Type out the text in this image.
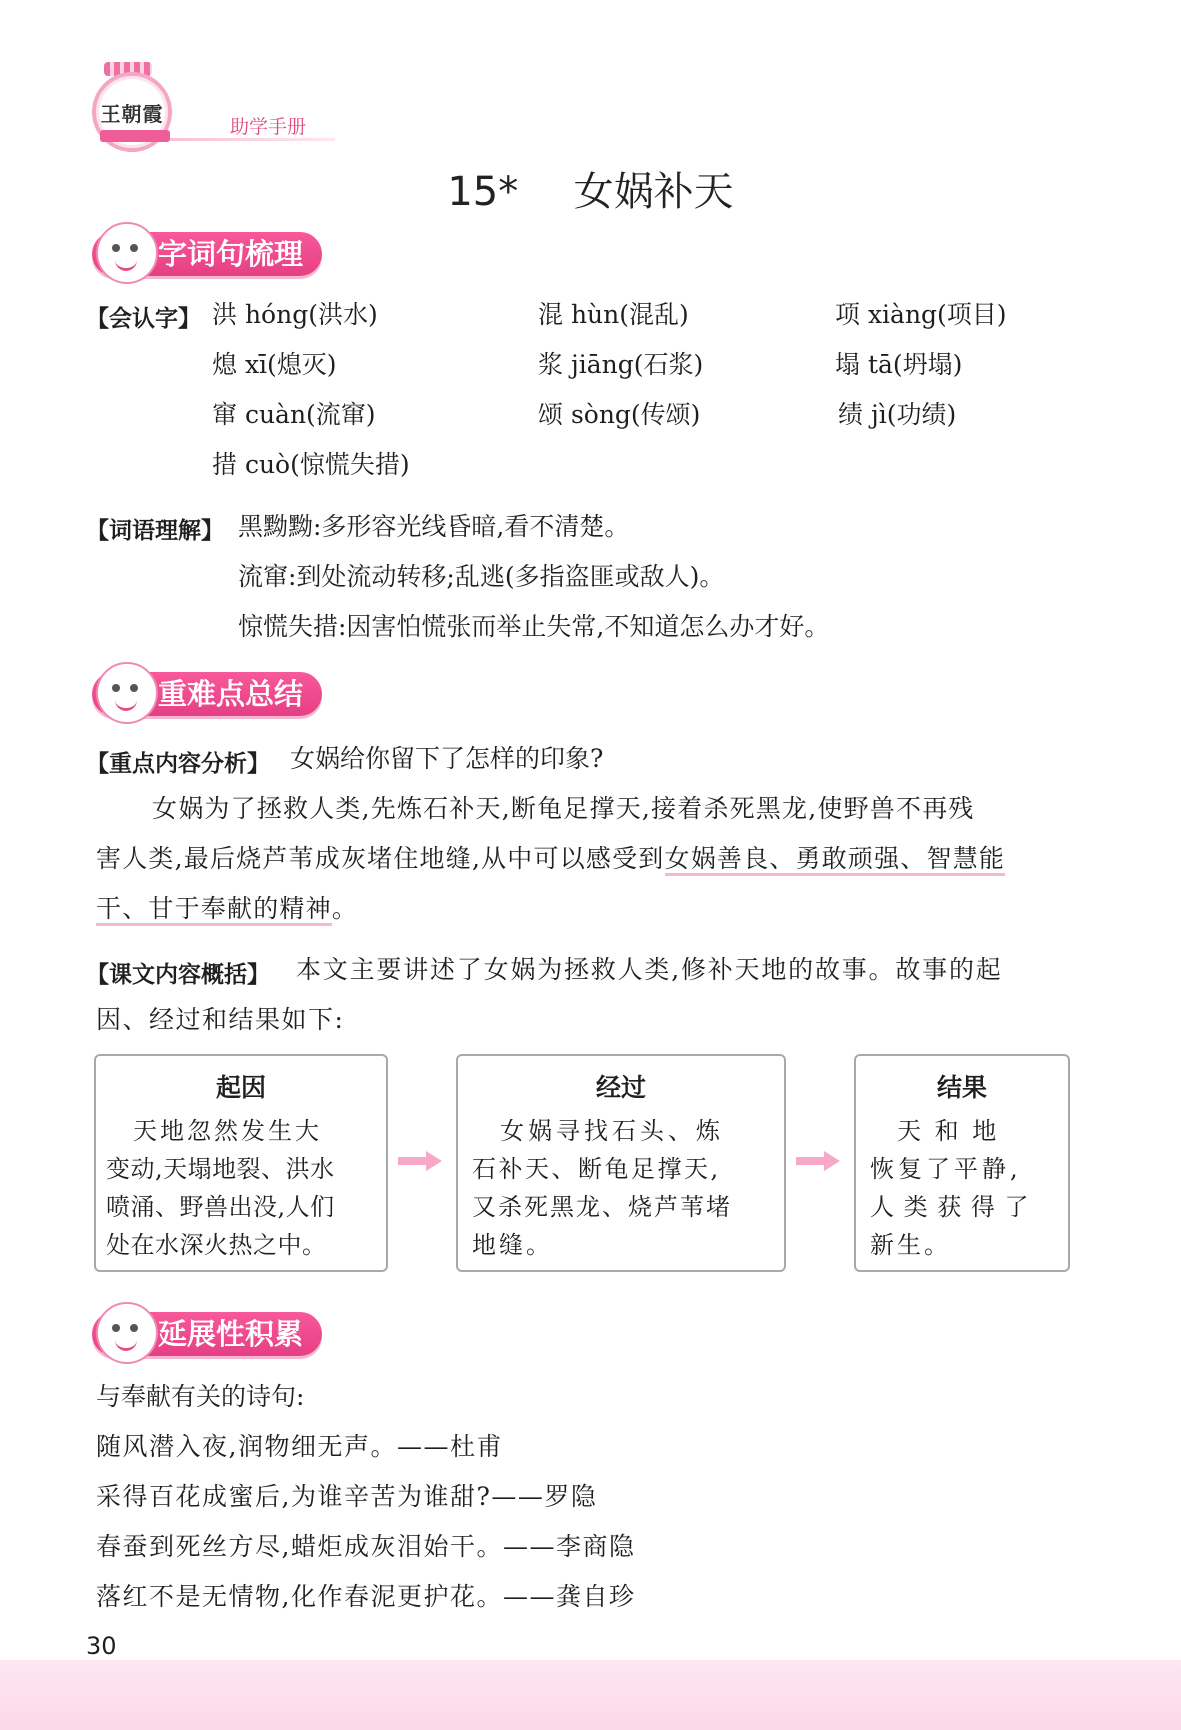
王朝霞
助学手册
15* 女娲补天
字词句梳理
【会认字】 洪 hóng(洪水)	混 hùn(混乱)	项 xiàng(项目)
熄 xī(熄灭)	浆 jiāng(石浆)	塌 tā(坍塌)
窜 cuàn(流窜)	颂 sòng(传颂)	绩 jì(功绩)
措 cuò(惊慌失措)
【词语理解】 黑黝黝:多形容光线昏暗,看不清楚。
流窜:到处流动转移;乱逃(多指盗匪或敌人)。
惊慌失措:因害怕慌张而举止失常,不知道怎么办才好。
重难点总结
【重点内容分析】 女娲给你留下了怎样的印象?
女娲为了拯救人类,先炼石补天,断龟足撑天,接着杀死黑龙,使野兽不再残
害人类,最后烧芦苇成灰堵住地缝,从中可以感受到女娲善良、勇敢顽强、智慧能
干、甘于奉献的精神。
【课文内容概括】 本文主要讲述了女娲为拯救人类,修补天地的故事。故事的起
因、经过和结果如下:
起因
　天地忽然发生大
变动,天塌地裂、洪水
喷涌、野兽出没,人们
处在水深火热之中。
经过
　女娲寻找石头、炼
石补天、断龟足撑天,
又杀死黑龙、烧芦苇堵
地缝。
结果
　天 和 地
恢复了平静,
人 类 获 得 了
新生。
延展性积累
与奉献有关的诗句:
随风潜入夜,润物细无声。——杜甫
采得百花成蜜后,为谁辛苦为谁甜?——罗隐
春蚕到死丝方尽,蜡炬成灰泪始干。——李商隐
落红不是无情物,化作春泥更护花。——龚自珍
30
